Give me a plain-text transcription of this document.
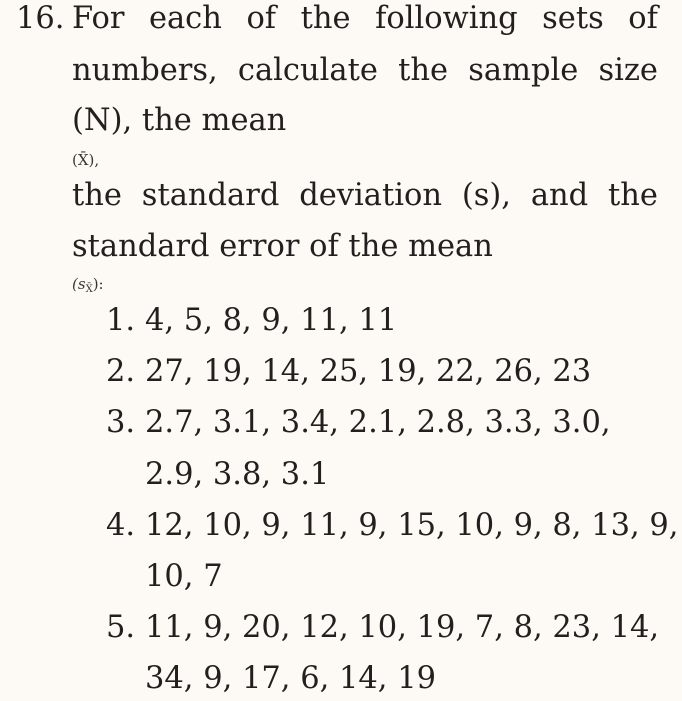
16. For each of the following sets of
numbers, calculate the sample size
(N), the mean
(X̄),
the standard deviation (s), and the
standard error of the mean
$(s_{X̄})$:
1. 4, 5, 8, 9, 11, 11
2. 27, 19, 14, 25, 19, 22, 26, 23
3. 2.7, 3.1, 3.4, 2.1, 2.8, 3.3, 3.0,
2.9, 3.8, 3.1
4. 12, 10, 9, 11, 9, 15, 10, 9, 8, 13, 9,
10, 7
5. 11, 9, 20, 12, 10, 19, 7, 8, 23, 14,
34, 9, 17, 6, 14, 19
